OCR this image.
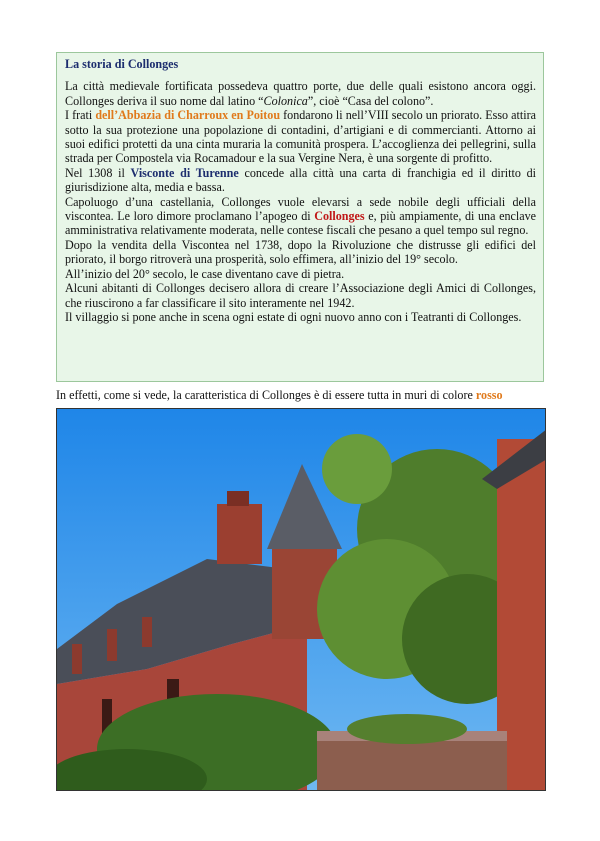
La storia di Collonges

La città medievale fortificata possedeva quattro porte, due delle quali esistono ancora oggi. Collonges deriva il suo nome dal latino “Colonica”, cioè “Casa del colono”.

I frati dell’Abbazia di Charroux en Poitou fondarono li nell’VIII secolo un priorato. Esso attira sotto la sua protezione una popolazione di contadini, d’artigiani e di commercianti. Attorno ai suoi edifici protetti da una cinta muraria la comunità prospera. L’accoglienza dei pellegrini, sulla strada per Compostela via Rocamadour e la sua Vergine Nera, è una sorgente di profitto.

Nel 1308 il Visconte di Turenne concede alla città una carta di franchigia ed il diritto di giurisdizione alta, media e bassa.

Capoluogo d’una castellania, Collonges vuole elevarsi a sede nobile degli ufficiali della viscontea. Le loro dimore proclamano l’apogeo di Collonges e, più ampiamente, di una enclave amministrativa relativamente moderata, nelle contese fiscali che pesano a quel tempo sul regno.

Dopo la vendita della Viscontea nel 1738, dopo la Rivoluzione che distrusse gli edifici del priorato, il borgo ritroverà una prosperità, solo effimera, all’inizio del 19° secolo.

All’inizio del 20° secolo, le case diventano cave di pietra.

Alcuni abitanti di Collonges decisero allora di creare l’Associazione degli Amici di Collonges, che riuscirono a far classificare il sito interamente nel 1942.

Il villaggio si pone anche in scena ogni estate di ogni nuovo anno con i Teatranti di Collonges.

In effetti, come si vede, la caratteristica di Collonges è di essere tutta in muri di colore rosso
